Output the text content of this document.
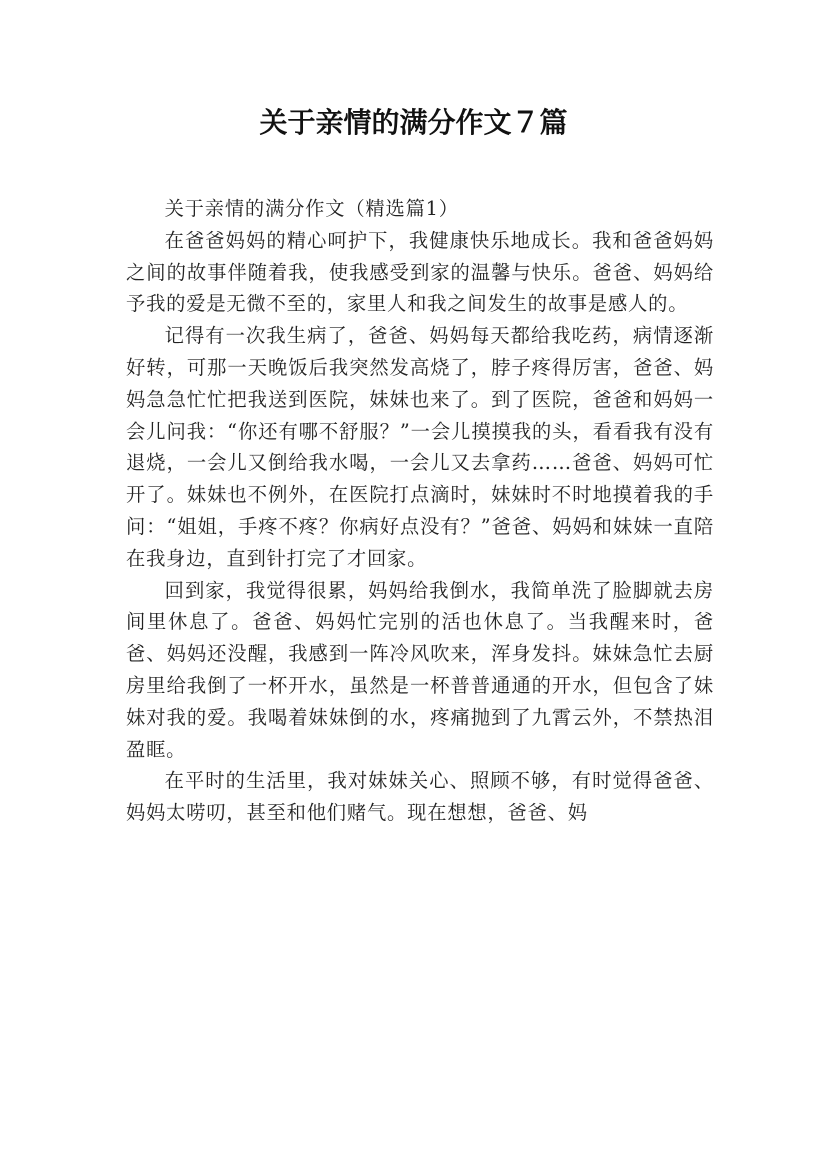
关于亲情的满分作文７篇

关于亲情的满分作文（精选篇1）

在爸爸妈妈的精心呵护下，我健康快乐地成长。我和爸爸妈妈之间的故事伴随着我，使我感受到家的温馨与快乐。爸爸、妈妈给予我的爱是无微不至的，家里人和我之间发生的故事是感人的。

记得有一次我生病了，爸爸、妈妈每天都给我吃药，病情逐渐好转，可那一天晚饭后我突然发高烧了，脖子疼得厉害，爸爸、妈妈急急忙忙把我送到医院，妹妹也来了。到了医院，爸爸和妈妈一会儿问我：“你还有哪不舒服？”一会儿摸摸我的头，看看我有没有退烧，一会儿又倒给我水喝，一会儿又去拿药……爸爸、妈妈可忙开了。妹妹也不例外，在医院打点滴时，妹妹时不时地摸着我的手问：“姐姐，手疼不疼？你病好点没有？”爸爸、妈妈和妹妹一直陪在我身边，直到针打完了才回家。

回到家，我觉得很累，妈妈给我倒水，我简单洗了脸脚就去房间里休息了。爸爸、妈妈忙完别的活也休息了。当我醒来时，爸爸、妈妈还没醒，我感到一阵冷风吹来，浑身发抖。妹妹急忙去厨房里给我倒了一杯开水，虽然是一杯普普通通的开水，但包含了妹妹对我的爱。我喝着妹妹倒的水，疼痛抛到了九霄云外，不禁热泪盈眶。

在平时的生活里，我对妹妹关心、照顾不够，有时觉得爸爸、妈妈太唠叨，甚至和他们赌气。现在想想，爸爸、妈
